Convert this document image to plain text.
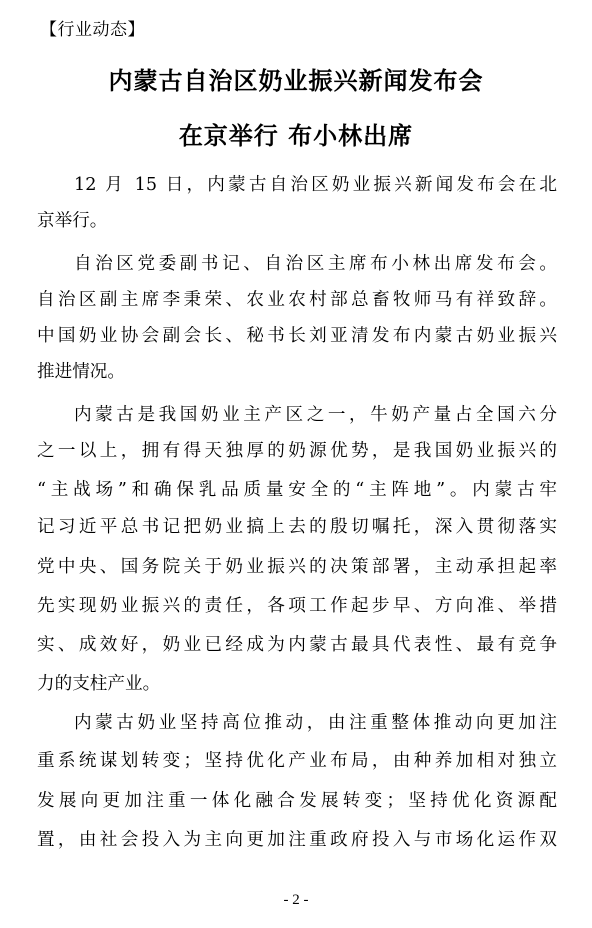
【行业动态】
内蒙古自治区奶业振兴新闻发布会
在京举行 布小林出席
12 月 15 日，内蒙古自治区奶业振兴新闻发布会在北
京举行。
自治区党委副书记、自治区主席布小林出席发布会。
自治区副主席李秉荣、农业农村部总畜牧师马有祥致辞。
中国奶业协会副会长、秘书长刘亚清发布内蒙古奶业振兴
推进情况。
内蒙古是我国奶业主产区之一，牛奶产量占全国六分
之一以上，拥有得天独厚的奶源优势，是我国奶业振兴的
“主战场”和确保乳品质量安全的“主阵地”。内蒙古牢
记习近平总书记把奶业搞上去的殷切嘱托，深入贯彻落实
党中央、国务院关于奶业振兴的决策部署，主动承担起率
先实现奶业振兴的责任，各项工作起步早、方向准、举措
实、成效好，奶业已经成为内蒙古最具代表性、最有竞争
力的支柱产业。
内蒙古奶业坚持高位推动，由注重整体推动向更加注
重系统谋划转变；坚持优化产业布局，由种养加相对独立
发展向更加注重一体化融合发展转变；坚持优化资源配
置，由社会投入为主向更加注重政府投入与市场化运作双
- 2 -
